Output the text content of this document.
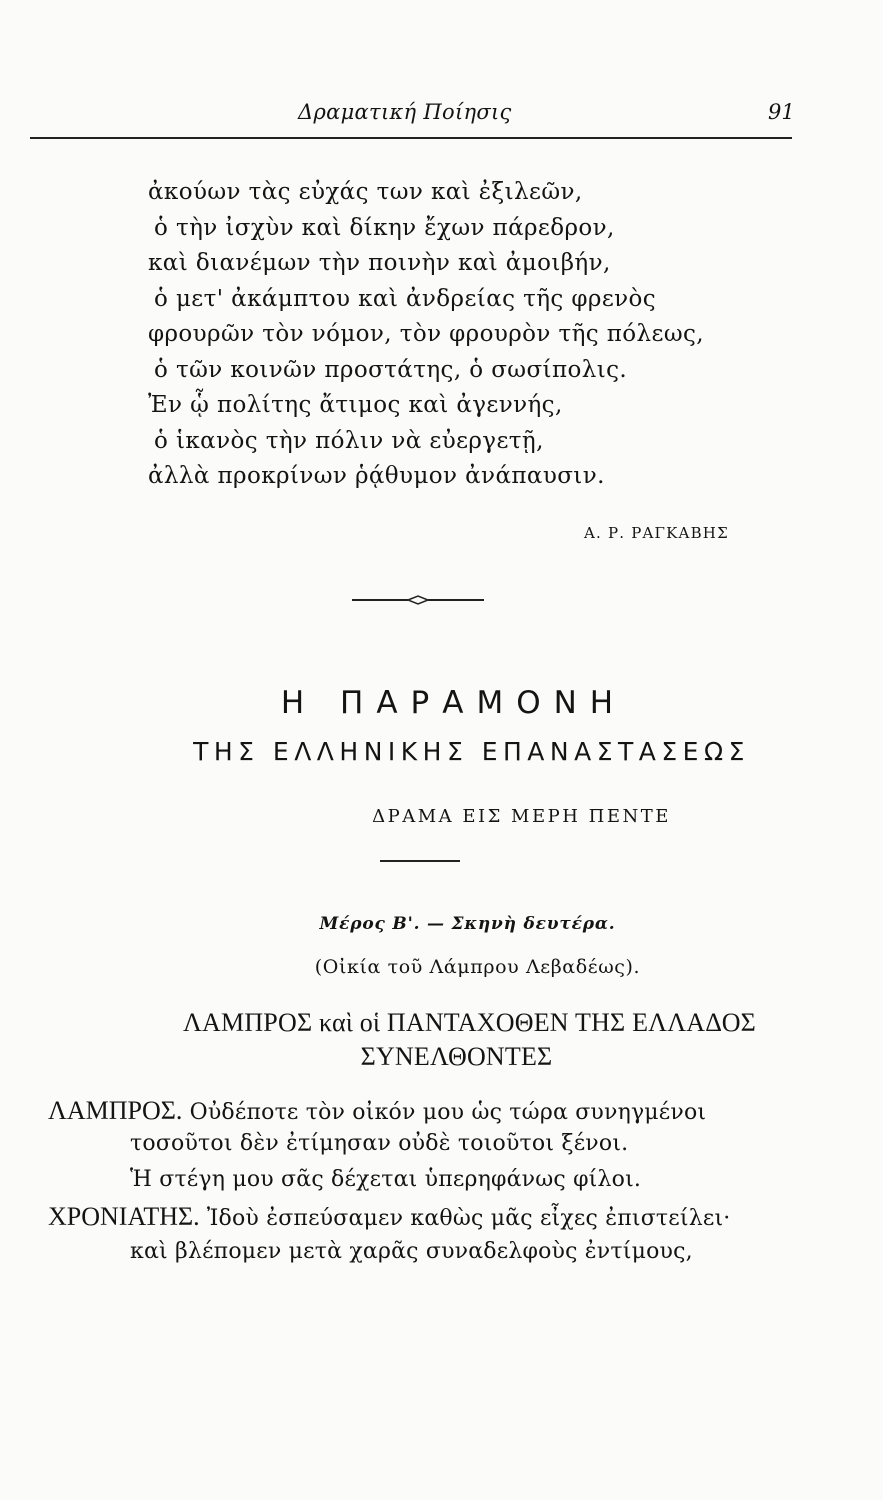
Δραματική Ποίησις	91
ἀκούων τὰς εὐχάς των καὶ ἐξιλεῶν,
ὁ τὴν ἰσχὺν καὶ δίκην ἔχων πάρεδρον,
καὶ διανέμων τὴν ποινὴν καὶ ἀμοιβήν,
ὁ μετ' ἀκάμπτου καὶ ἀνδρείας τῆς φρενὸς
φρουρῶν τὸν νόμον, τὸν φρουρὸν τῆς πόλεως,
ὁ τῶν κοινῶν προστάτης, ὁ σωσίπολις.
Ἐν ᾧ πολίτης ἄτιμος καὶ ἀγεννής,
ὁ ἱκανὸς τὴν πόλιν νὰ εὐεργετῇ,
ἀλλὰ προκρίνων ῥᾴθυμον ἀνάπαυσιν.
Α. Ρ. ΡΑΓΚΑΒΗΣ
Η ΠΑΡΑΜΟΝΗ
ΤΗΣ ΕΛΛΗΝΙΚΗΣ ΕΠΑΝΑΣΤΑΣΕΩΣ
ΔΡΑΜΑ ΕΙΣ ΜΕΡΗ ΠΕΝΤΕ
Μέρος Β'. — Σκηνὴ δευτέρα.
(Οἰκία τοῦ Λάμπρου Λεβαδέως).
ΛΑΜΠΡΟΣ καὶ οἱ ΠΑΝΤΑΧΟΘΕΝ ΤΗΣ ΕΛΛΑΔΟΣ
ΣΥΝΕΛΘΟΝΤΕΣ
ΛΑΜΠΡΟΣ. Οὐδέποτε τὸν οἰκόν μου ὡς τώρα συνηγμένοι
τοσοῦτοι δὲν ἐτίμησαν οὐδὲ τοιοῦτοι ξένοι.
Ἡ στέγη μου σᾶς δέχεται ὑπερηφάνως φίλοι.
ΧΡΟΝΙΑΤΗΣ. Ἰδοὺ ἐσπεύσαμεν καθὼς μᾶς εἶχες ἐπιστείλει·
καὶ βλέπομεν μετὰ χαρᾶς συναδελφοὺς ἐντίμους,
